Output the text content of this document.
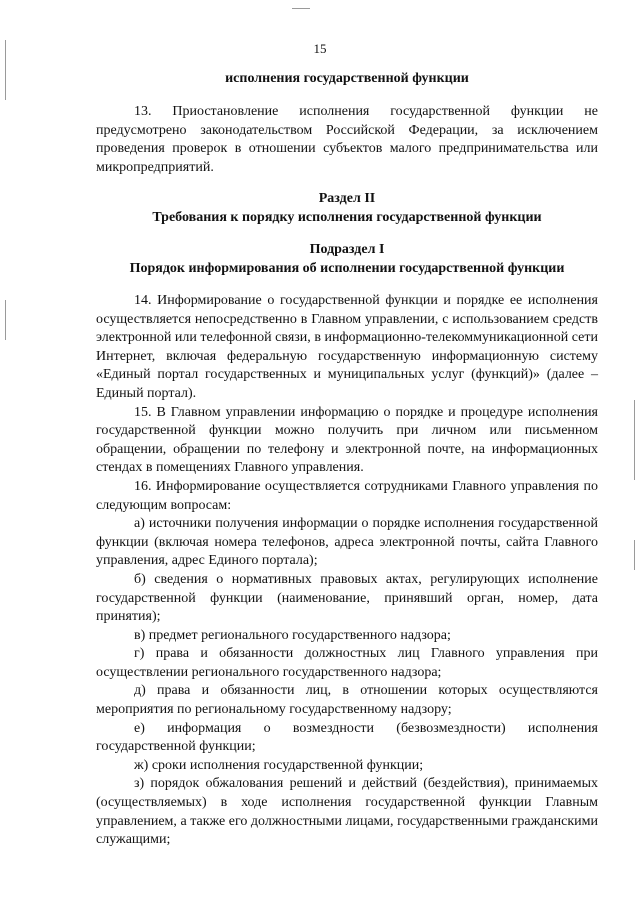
15
исполнения государственной функции

13. Приостановление исполнения государственной функции не предусмотрено законодательством Российской Федерации, за исключением проведения проверок в отношении субъектов малого предпринимательства или микропредприятий.

Раздел II
Требования к порядку исполнения государственной функции
Подраздел I
Порядок информирования об исполнении государственной функции

14. Информирование о государственной функции и порядке ее исполнения осуществляется непосредственно в Главном управлении, с использованием средств электронной или телефонной связи, в информационно-телекоммуникационной сети Интернет, включая федеральную государственную информационную систему «Единый портал государственных и муниципальных услуг (функций)» (далее – Единый портал).

15. В Главном управлении информацию о порядке и процедуре исполнения государственной функции можно получить при личном или письменном обращении, обращении по телефону и электронной почте, на информационных стендах в помещениях Главного управления.

16. Информирование осуществляется сотрудниками Главного управления по следующим вопросам:

а) источники получения информации о порядке исполнения государственной функции (включая номера телефонов, адреса электронной почты, сайта Главного управления, адрес Единого портала);

б) сведения о нормативных правовых актах, регулирующих исполнение государственной функции (наименование, принявший орган, номер, дата принятия);

в) предмет регионального государственного надзора;

г) права и обязанности должностных лиц Главного управления при осуществлении регионального государственного надзора;

д) права и обязанности лиц, в отношении которых осуществляются мероприятия по региональному государственному надзору;

е) информация о возмездности (безвозмездности) исполнения государственной функции;

ж) сроки исполнения государственной функции;

з) порядок обжалования решений и действий (бездействия), принимаемых (осуществляемых) в ходе исполнения государственной функции Главным управлением, а также его должностными лицами, государственными гражданскими служащими;
